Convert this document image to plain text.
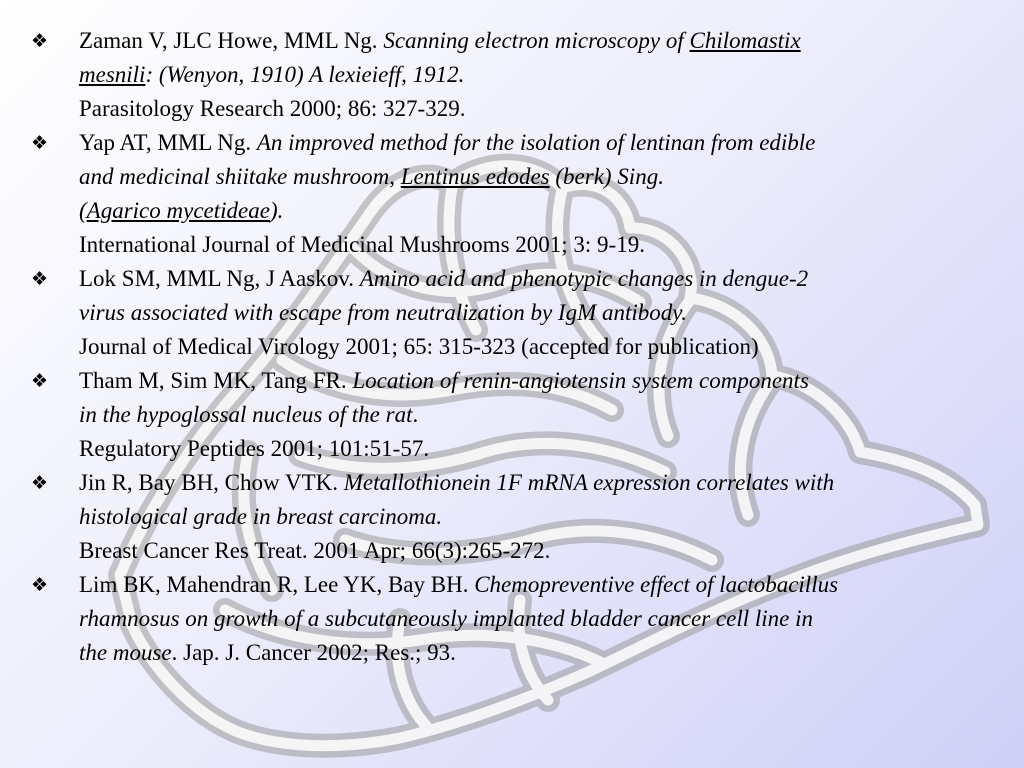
❖ Zaman V, JLC Howe, MML Ng. Scanning electron microscopy of Chilomastix
mesnili: (Wenyon, 1910) A lexieieff, 1912.
Parasitology Research 2000; 86: 327-329.
❖ Yap AT, MML Ng. An improved method for the isolation of lentinan from edible
and medicinal shiitake mushroom, Lentinus edodes (berk) Sing.
(Agarico mycetideae).
International Journal of Medicinal Mushrooms 2001; 3: 9-19.
❖ Lok SM, MML Ng, J Aaskov. Amino acid and phenotypic changes in dengue-2
virus associated with escape from neutralization by IgM antibody.
Journal of Medical Virology 2001; 65: 315-323 (accepted for publication)
❖ Tham M, Sim MK, Tang FR. Location of renin-angiotensin system components
in the hypoglossal nucleus of the rat.
Regulatory Peptides 2001; 101:51-57.
❖ Jin R, Bay BH, Chow VTK. Metallothionein 1F mRNA expression correlates with
histological grade in breast carcinoma.
Breast Cancer Res Treat. 2001 Apr; 66(3):265-272.
❖ Lim BK, Mahendran R, Lee YK, Bay BH. Chemopreventive effect of lactobacillus
rhamnosus on growth of a subcutaneously implanted bladder cancer cell line in
the mouse. Jap. J. Cancer 2002; Res.; 93.
